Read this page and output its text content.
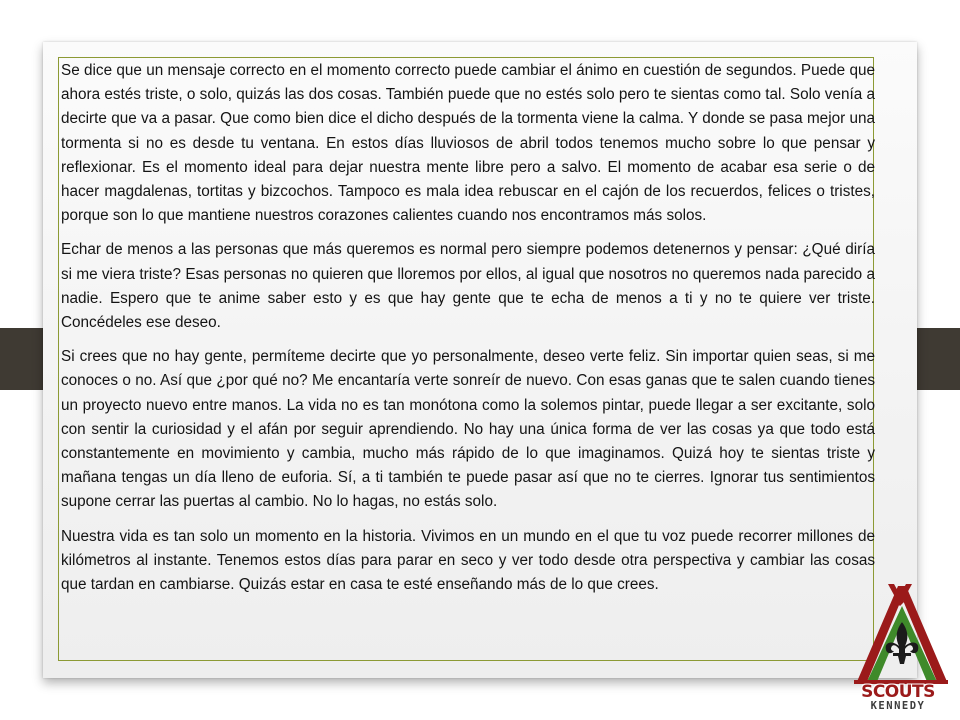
Se dice que un mensaje correcto en el momento correcto puede cambiar el ánimo en cuestión de segundos. Puede que ahora estés triste, o solo, quizás las dos cosas. También puede que no estés solo pero te sientas como tal. Solo venía a decirte que va a pasar. Que como bien dice el dicho después de la tormenta viene la calma. Y donde se pasa mejor una tormenta si no es desde tu ventana. En estos días lluviosos de abril todos tenemos mucho sobre lo que pensar y reflexionar. Es el momento ideal para dejar nuestra mente libre pero a salvo. El momento de acabar esa serie o de hacer magdalenas, tortitas y bizcochos. Tampoco es mala idea rebuscar en el cajón de los recuerdos, felices o tristes, porque son lo que mantiene nuestros corazones calientes cuando nos encontramos más solos.

Echar de menos a las personas que más queremos es normal pero siempre podemos detenernos y pensar: ¿Qué diría si me viera triste? Esas personas no quieren que lloremos por ellos, al igual que nosotros no queremos nada parecido a nadie. Espero que te anime saber esto y es que hay gente que te echa de menos a ti y no te quiere ver triste. Concédeles ese deseo.

Si crees que no hay gente, permíteme decirte que yo personalmente, deseo verte feliz. Sin importar quien seas, si me conoces o no. Así que ¿por qué no? Me encantaría verte sonreír de nuevo. Con esas ganas que te salen cuando tienes un proyecto nuevo entre manos. La vida no es tan monótona como la solemos pintar, puede llegar a ser excitante, solo con sentir la curiosidad y el afán por seguir aprendiendo. No hay una única forma de ver las cosas ya que todo está constantemente en movimiento y cambia, mucho más rápido de lo que imaginamos. Quizá hoy te sientas triste y mañana tengas un día lleno de euforia. Sí, a ti también te puede pasar así que no te cierres. Ignorar tus sentimientos supone cerrar las puertas al cambio. No lo hagas, no estás solo.

Nuestra vida es tan solo un momento en la historia. Vivimos en un mundo en el que tu voz puede recorrer millones de kilómetros al instante. Tenemos estos días para parar en seco y ver todo desde otra perspectiva y cambiar las cosas que tardan en cambiarse. Quizás estar en casa te esté enseñando más de lo que crees.

SCOUTS
KENNEDY
